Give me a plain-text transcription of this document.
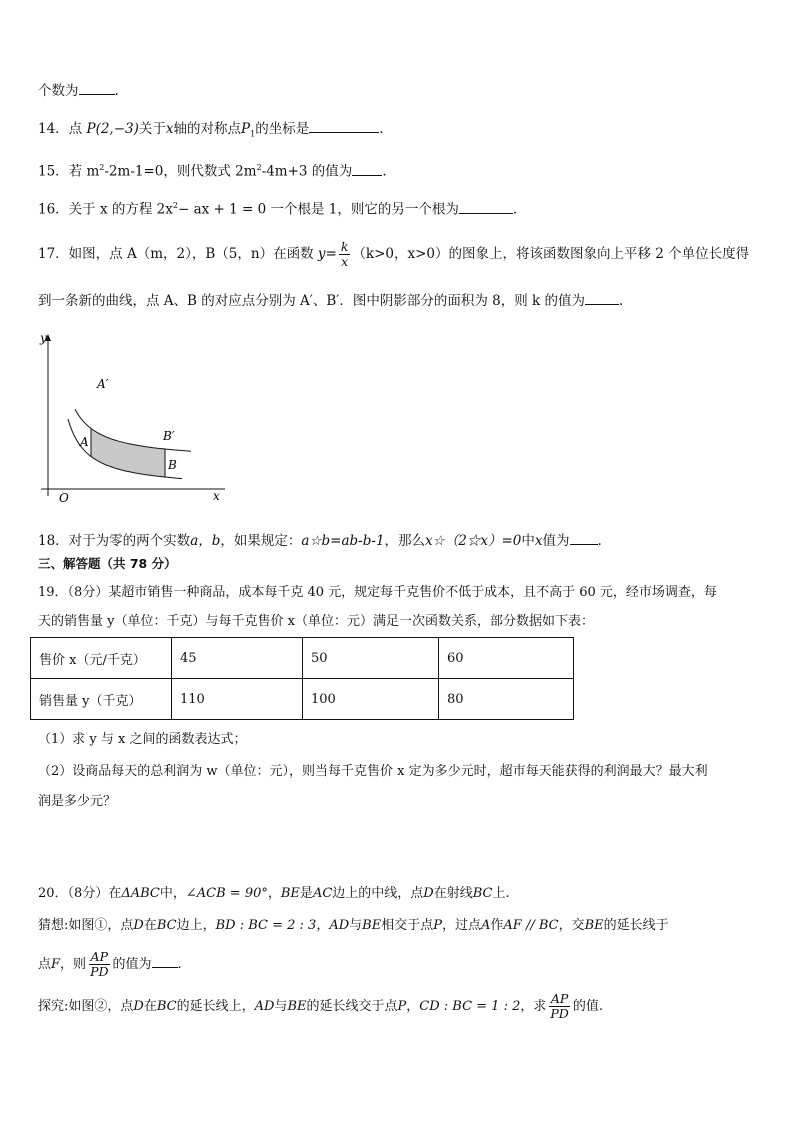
个数为	.
14．点 P(2,−3)关于x轴的对称点$P_1$的坐标是	.
15．若 $m^2-2m-1=0$，则代数式 $2m^2-4m+3$ 的值为 .
16．关于 x 的方程 $2x^2-$ ax + 1 = 0 一个根是 1，则它的另一个根为	.
17．如图，点 A（m，2），B（5，n）在函数 $y= \frac{k}{x} (k>0$，x>0）的图象上，将该函数图象向上平移 2 个单位长度得
到一条新的曲线，点 A、B 的对应点分别为 A′、B′．图中阴影部分的面积为 8，则 k 的值为	.
y
x
O
A′
A	B′
B
18．对于为零的两个实数a，b，如果规定：a☆b=ab-b-1，那么x☆（2☆x）=0中x值为 .
三、解答题（共 78 分）
19．（8分）某超市销售一种商品，成本每千克 40 元，规定每千克售价不低于成本，且不高于 60 元，经市场调查，每
天的销售量 y（单位：千克）与每千克售价 x（单位：元）满足一次函数关系，部分数据如下表：
售价 x（元/千克）	45	50	60
销售量 y（千克）	110	100	80
（1）求 y 与 x 之间的函数表达式；
（2）设商品每天的总利润为 w（单位：元），则当每千克售价 x 定为多少元时，超市每天能获得的利润最大？最大利
润是多少元？
20．（8分）在ΔABC中，∠ACB = 90°，BE是AC边上的中线，点D在射线BC上.
猜想:如图①，点D在BC边上，BD : BC = 2 : 3，AD与BE相交于点P，过点A作AF // BC，交BE的延长线于
点F，则 $\frac{AP}{PD}$ 的值为 .
探究:如图②，点D在BC的延长线上，AD与BE的延长线交于点P，CD : BC = 1 : 2，求 $\frac{AP}{PD}$ 的值.
